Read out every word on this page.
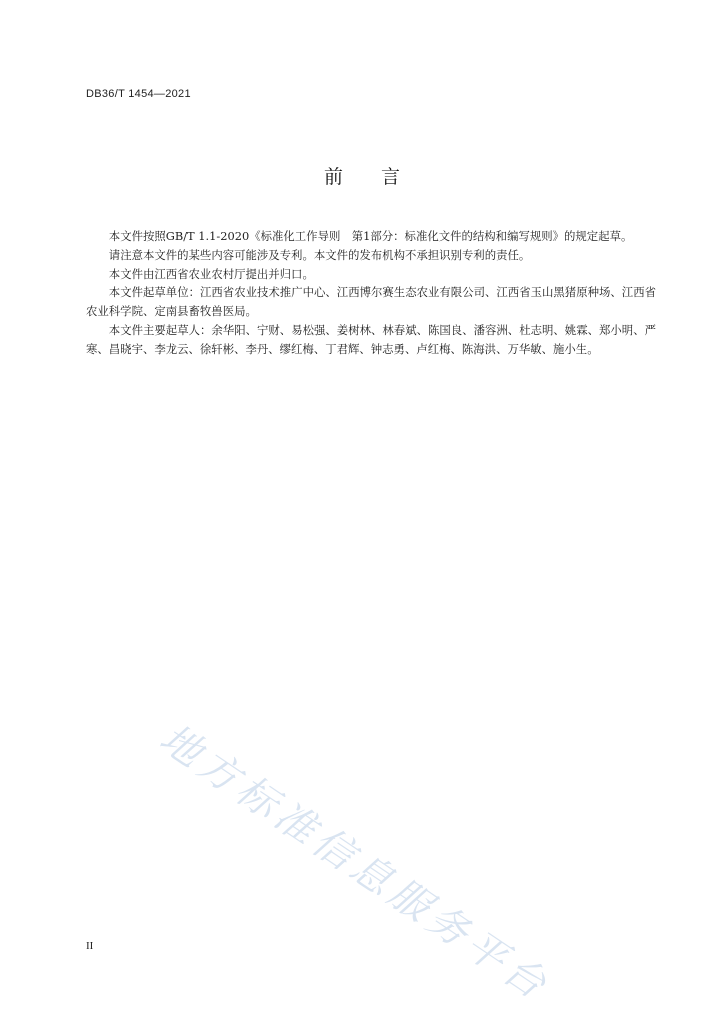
DB36/T 1454—2021
前 言

本文件按照GB/T 1.1-2020《标准化工作导则　第1部分：标准化文件的结构和编写规则》的规定起草。

请注意本文件的某些内容可能涉及专利。本文件的发布机构不承担识别专利的责任。

本文件由江西省农业农村厅提出并归口。

本文件起草单位：江西省农业技术推广中心、江西博尔赛生态农业有限公司、江西省玉山黑猪原种场、江西省农业科学院、定南县畜牧兽医局。

本文件主要起草人：余华阳、宁财、易松强、姜树林、林春斌、陈国良、潘容洲、杜志明、姚霖、郑小明、严寒、昌晓宇、李龙云、徐轩彬、李丹、缪红梅、丁君辉、钟志勇、卢红梅、陈海洪、万华敏、施小生。

地方标准信息服务平台
II
